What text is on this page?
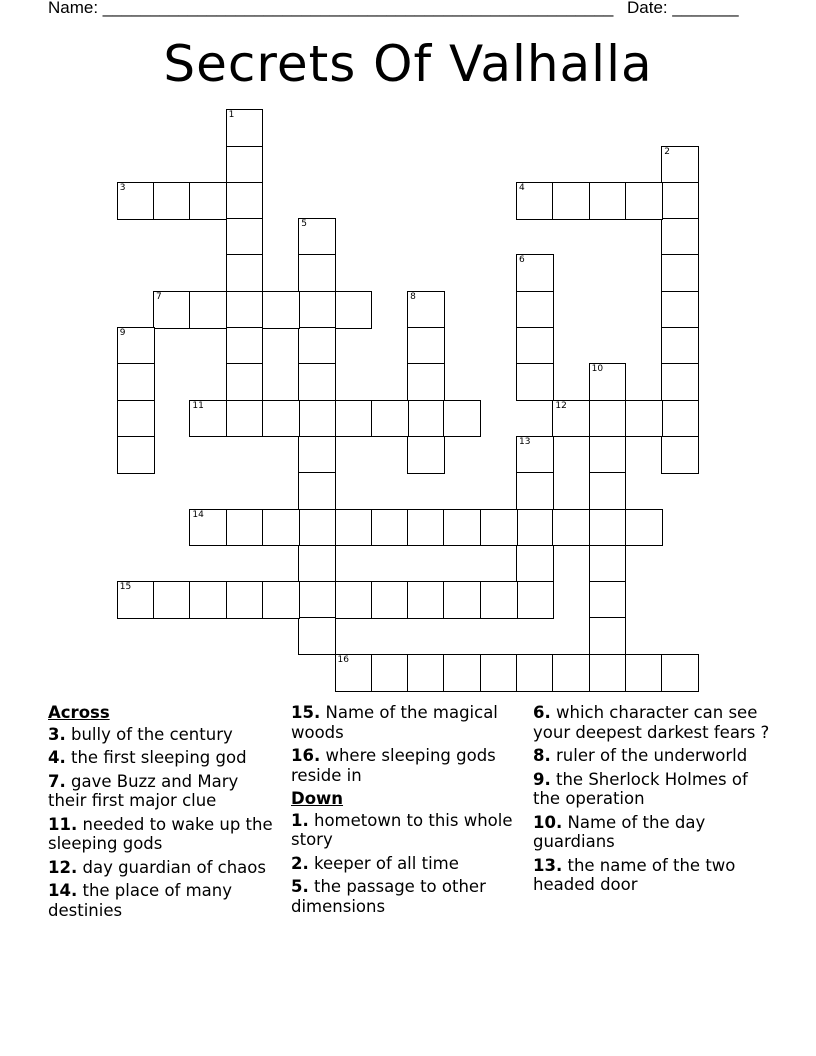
Name: ______________________________________________________ Date: _______
Secrets Of Valhalla
1
2
3	4
5
6
7	8
9
10
11	12
13
14
15
16
Across
3. bully of the century
4. the first sleeping god
7. gave Buzz and Mary their first major clue
11. needed to wake up the sleeping gods
12. day guardian of chaos
14. the place of many destinies
15. Name of the magical woods
16. where sleeping gods reside in
Down
1. hometown to this whole story
2. keeper of all time
5. the passage to other dimensions
6. which character can see your deepest darkest fears ?
8. ruler of the underworld
9. the Sherlock Holmes of the operation
10. Name of the day guardians
13. the name of the two headed door
